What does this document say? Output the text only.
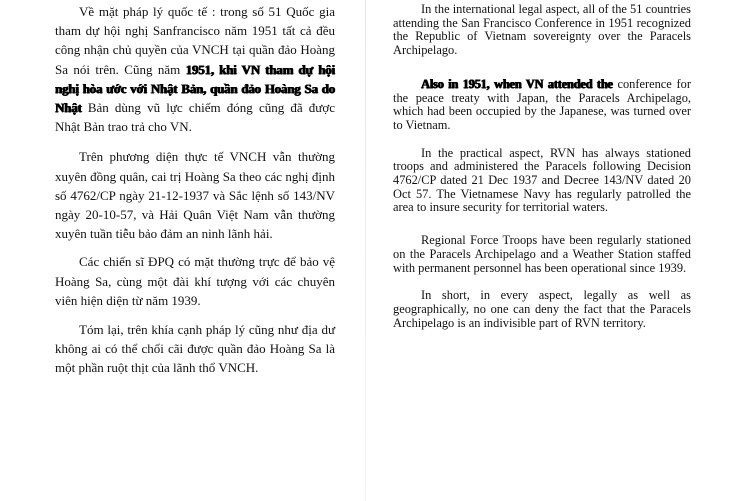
Về mặt pháp lý quốc tế : trong số 51 Quốc gia tham dự hội nghị Sanfrancisco năm 1951 tất cả đều công nhận chủ quyền của VNCH tại quần đảo Hoàng Sa nói trên. Cũng năm 1951, khi VN tham dự hội nghị hòa ước với Nhật Bản, quần đảo Hoàng Sa do Nhật Bản dùng vũ lực chiếm đóng cũng đã được Nhật Bản trao trả cho VN.

Trên phương diện thực tế VNCH vẫn thường xuyên đồng quân, cai trị Hoàng Sa theo các nghị định số 4762/CP ngày 21-12-1937 và Sắc lệnh số 143/NV ngày 20-10-57, và Hải Quân Việt Nam vẫn thường xuyên tuần tiễu bảo đảm an ninh lãnh hải.

Các chiến sĩ ĐPQ có mặt thường trực để bảo vệ Hoàng Sa, cùng một đài khí tượng với các chuyên viên hiện diện từ năm 1939.

Tóm lại, trên khía cạnh pháp lý cũng như địa dư không ai có thể chối cãi được quần đảo Hoàng Sa là một phần ruột thịt của lãnh thổ VNCH.

In the international legal aspect, all of the 51 countries attending the San Francisco Conference in 1951 recognized the Republic of Vietnam sovereignty over the Paracels Archipelago.

Also in 1951, when VN attended the conference for the peace treaty with Japan, the Paracels Archipelago, which had been occupied by the Japanese, was turned over to Vietnam.

In the practical aspect, RVN has always stationed troops and administered the Paracels following Decision 4762/CP dated 21 Dec 1937 and Decree 143/NV dated 20 Oct 57. The Vietnamese Navy has regularly patrolled the area to insure security for territorial waters.

Regional Force Troops have been regularly stationed on the Paracels Archipelago and a Weather Station staffed with permanent personnel has been operational since 1939.

In short, in every aspect, legally as well as geographically, no one can deny the fact that the Paracels Archipelago is an indivisible part of RVN territory.
